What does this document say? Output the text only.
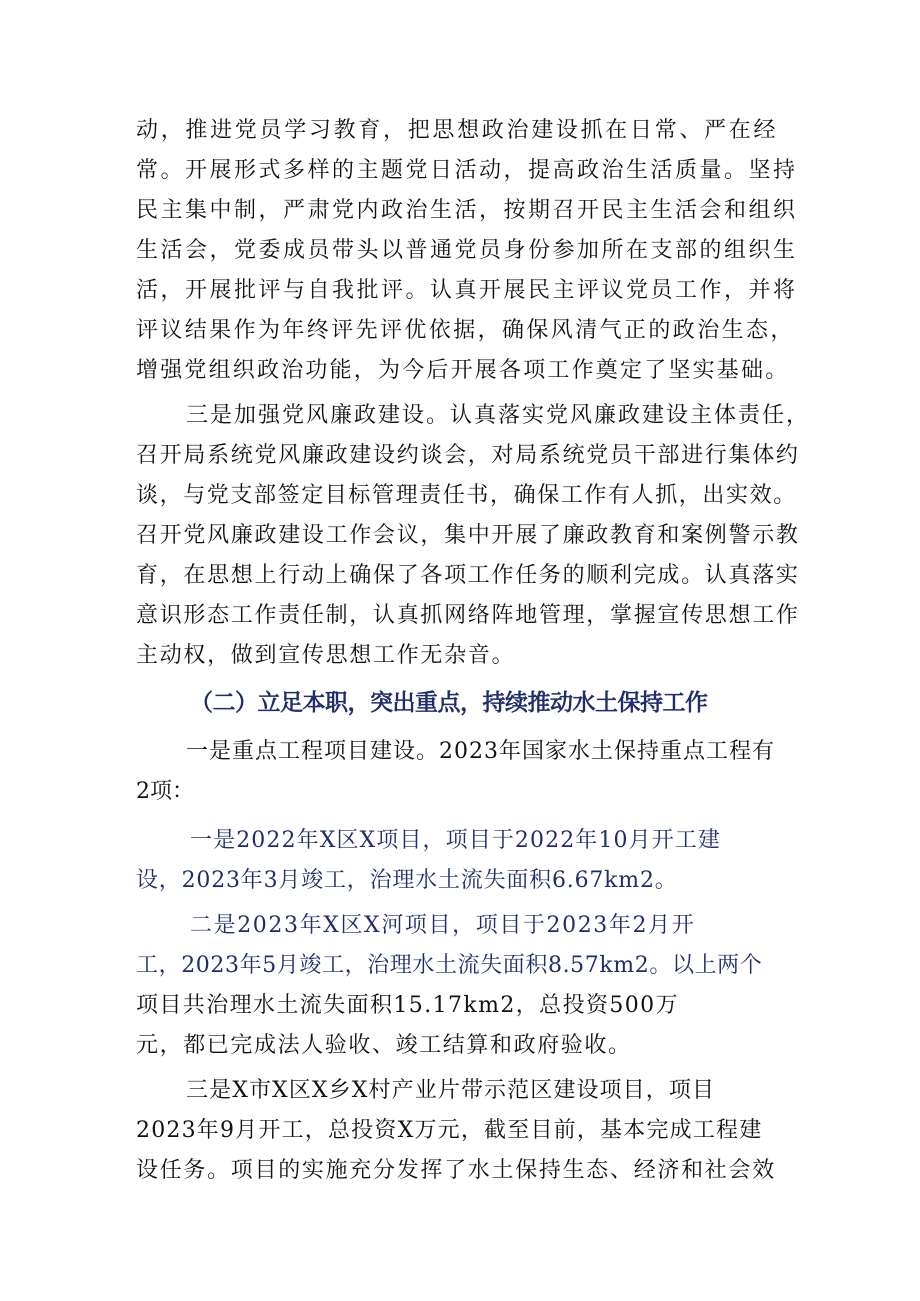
动，推进党员学习教育，把思想政治建设抓在日常、严在经
常。开展形式多样的主题党日活动，提高政治生活质量。坚持
民主集中制，严肃党内政治生活，按期召开民主生活会和组织
生活会，党委成员带头以普通党员身份参加所在支部的组织生
活，开展批评与自我批评。认真开展民主评议党员工作，并将
评议结果作为年终评先评优依据，确保风清气正的政治生态，
增强党组织政治功能，为今后开展各项工作奠定了坚实基础。
三是加强党风廉政建设。认真落实党风廉政建设主体责任，
召开局系统党风廉政建设约谈会，对局系统党员干部进行集体约
谈，与党支部签定目标管理责任书，确保工作有人抓，出实效。
召开党风廉政建设工作会议，集中开展了廉政教育和案例警示教
育，在思想上行动上确保了各项工作任务的顺利完成。认真落实
意识形态工作责任制，认真抓网络阵地管理，掌握宣传思想工作
主动权，做到宣传思想工作无杂音。
（二）立足本职，突出重点，持续推动水土保持工作
一是重点工程项目建设。2023年国家水土保持重点工程有
2项：
一是2022年X区X项目，项目于2022年10月开工建
设，2023年3月竣工，治理水土流失面积6.67km2。
二是2023年X区X河项目，项目于2023年2月开
工，2023年5月竣工，治理水土流失面积8.57km2。以上两个
项目共治理水土流失面积15.17km2，总投资500万
元，都已完成法人验收、竣工结算和政府验收。
三是X市X区X乡X村产业片带示范区建设项目，项目
2023年9月开工，总投资X万元，截至目前，基本完成工程建
设任务。项目的实施充分发挥了水土保持生态、经济和社会效
